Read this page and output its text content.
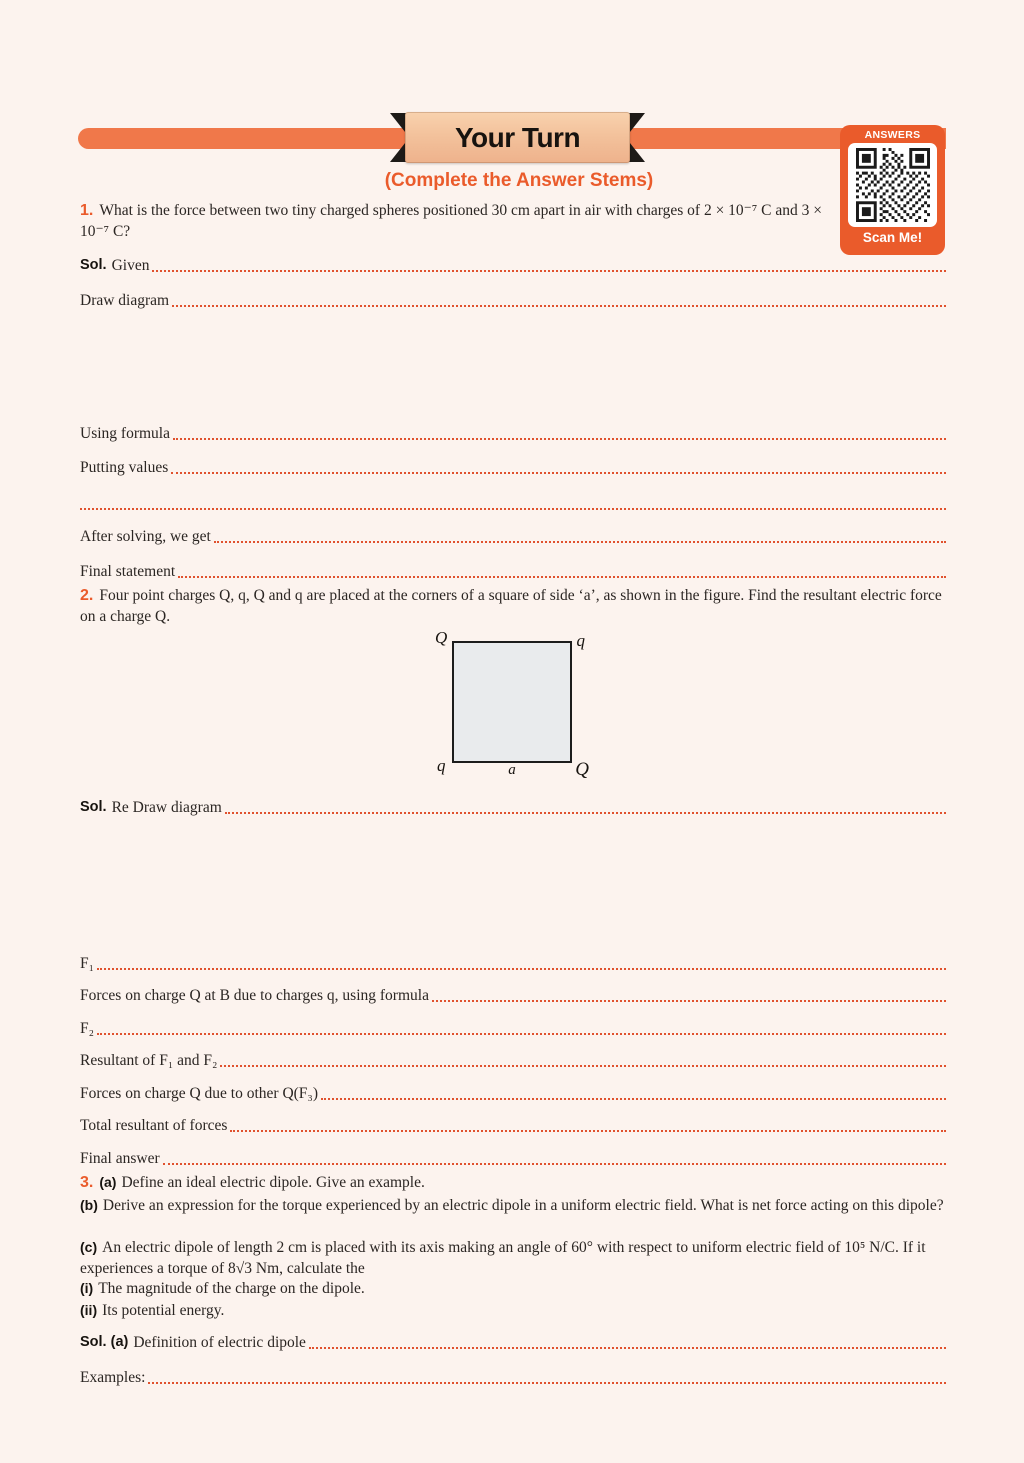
Your Turn
(Complete the Answer Stems)
ANSWERS
Scan Me!
1. What is the force between two tiny charged spheres positioned 30 cm apart in air with charges of 2 × 10⁻⁷ C and 3 × 10⁻⁷ C?
Sol. Given
Draw diagram
Using formula
Putting values
After solving, we get
Final statement
2. Four point charges Q, q, Q and q are placed at the corners of a square of side ‘a’, as shown in the figure. Find the resultant electric force on a charge Q.
Q	q
q	Q
a
Sol. Re Draw diagram
F₁
Forces on charge Q at B due to charges q, using formula
F₂
Resultant of F₁ and F₂
Forces on charge Q due to other Q(F₃)
Total resultant of forces
Final answer
3. (a) Define an ideal electric dipole. Give an example.
(b) Derive an expression for the torque experienced by an electric dipole in a uniform electric field. What is net force acting on this dipole?
(c) An electric dipole of length 2 cm is placed with its axis making an angle of 60° with respect to uniform electric field of 10⁵ N/C. If it experiences a torque of 8√3 Nm, calculate the
(i) The magnitude of the charge on the dipole.
(ii) Its potential energy.
Sol. (a) Definition of electric dipole
Examples:
